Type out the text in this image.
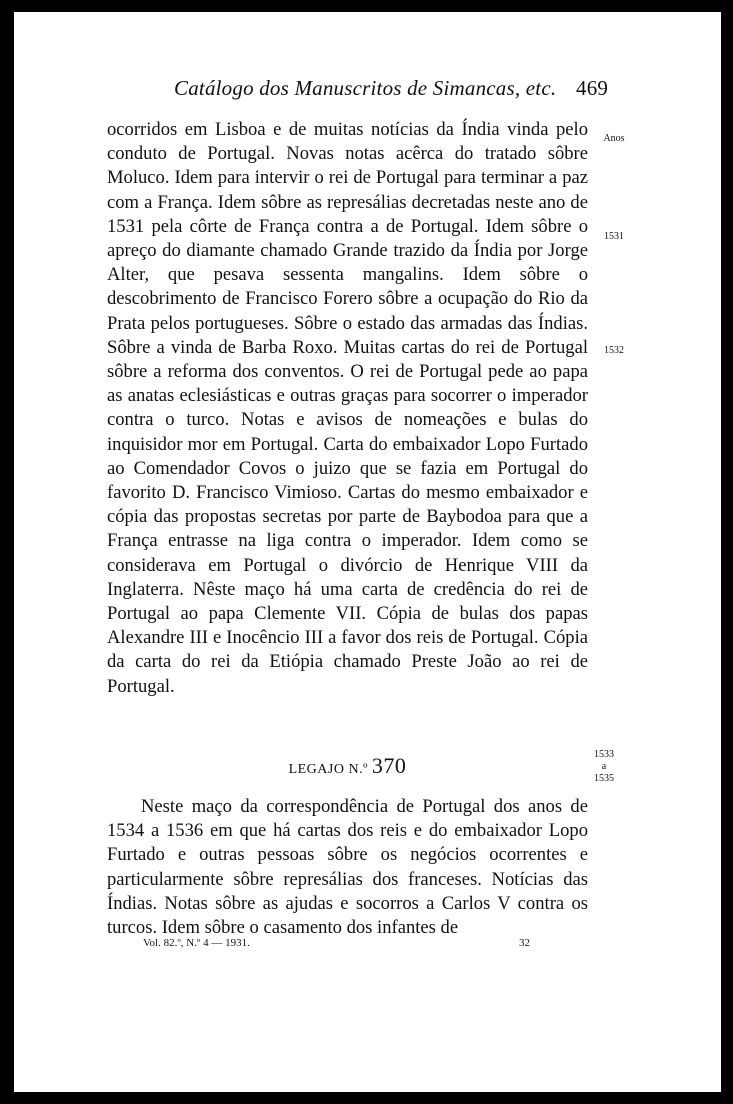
Catálogo dos Manuscritos de Simancas, etc. 469
Anos
1531
1532
1533
a
1535

ocorridos em Lisboa e de muitas notícias da Índia vinda pelo conduto de Portugal. Novas notas acêrca do tratado sôbre Moluco. Idem para intervir o rei de Portugal para terminar a paz com a França. Idem sôbre as represálias decretadas neste ano de 1531 pela côrte de França contra a de Portugal. Idem sôbre o apreço do diamante chamado Grande trazido da Índia por Jorge Alter, que pesava sessenta mangalins. Idem sôbre o descobrimento de Francisco Forero sôbre a ocupação do Rio da Prata pelos portugueses. Sôbre o estado das armadas das Índias. Sôbre a vinda de Barba Roxo. Muitas cartas do rei de Portugal sôbre a reforma dos conventos. O rei de Portugal pede ao papa as anatas eclesiásticas e outras graças para socorrer o imperador contra o turco. Notas e avisos de nomeações e bulas do inquisidor mor em Portugal. Carta do embaixador Lopo Furtado ao Comendador Covos o juizo que se fazia em Portugal do favorito D. Francisco Vimioso. Cartas do mesmo embaixador e cópia das propostas secretas por parte de Baybodoa para que a França entrasse na liga contra o imperador. Idem como se considerava em Portugal o divórcio de Henrique VIII da Inglaterra. Nêste maço há uma carta de credência do rei de Portugal ao papa Clemente VII. Cópia de bulas dos papas Alexandre III e Inocêncio III a favor dos reis de Portugal. Cópia da carta do rei da Etiópia chamado Preste João ao rei de Portugal.

LEGAJO N.º 370

Neste maço da correspondência de Portugal dos anos de 1534 a 1536 em que há cartas dos reis e do embaixador Lopo Furtado e outras pessoas sôbre os negócios ocorrentes e particularmente sôbre represálias dos franceses. Notícias das Índias. Notas sôbre as ajudas e socorros a Carlos V contra os turcos. Idem sôbre o casamento dos infantes de

Vol. 82.º, N.º 4 — 1931.	32
